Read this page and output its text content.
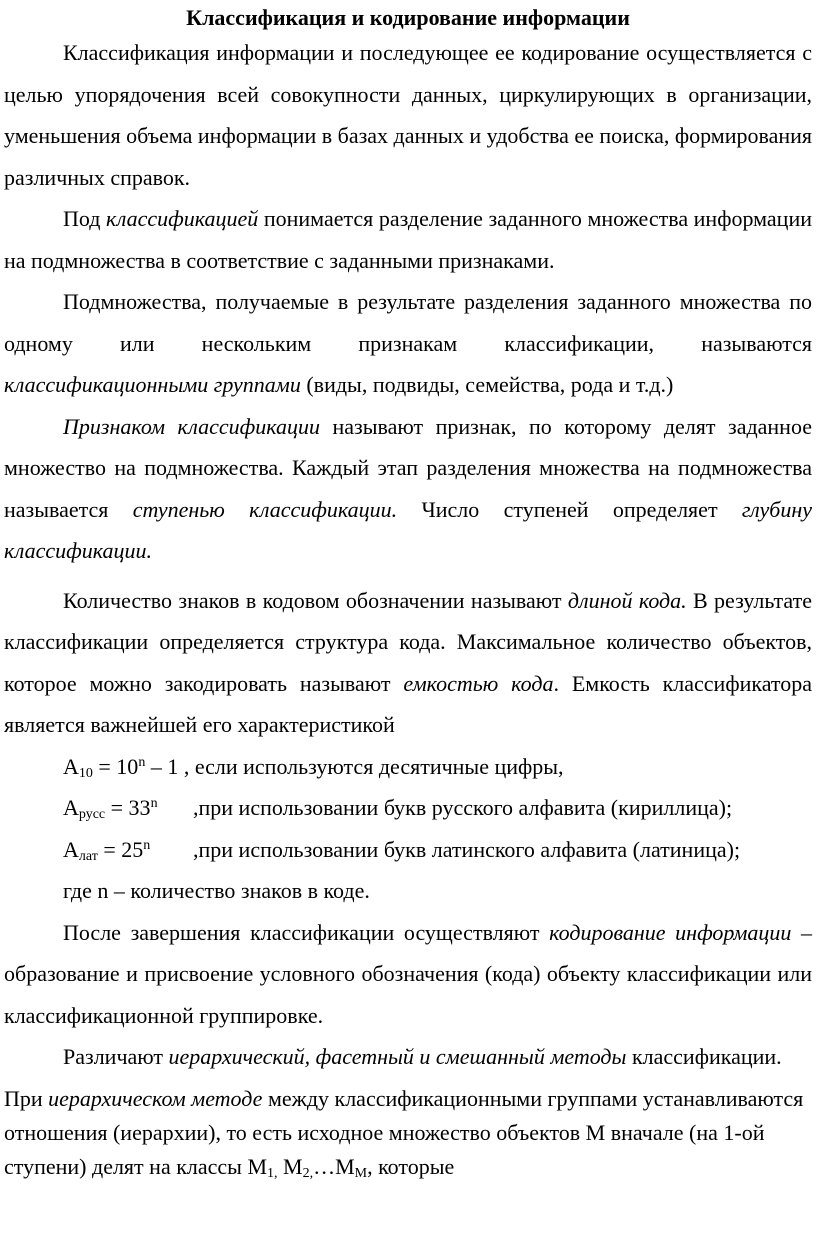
Классификация и кодирование информации

Классификация информации и последующее ее кодирование осуществляется с целью упорядочения всей совокупности данных, циркулирующих в организации, уменьшения объема информации в базах данных и удобства ее поиска, формирования различных справок.

Под классификацией понимается разделение заданного множества информации на подмножества в соответствие с заданными признаками.

Подмножества, получаемые в результате разделения заданного множества по одному или нескольким признакам классификации, называются классификационными группами (виды, подвиды, семейства, рода и т.д.)

Признаком классификации называют признак, по которому делят заданное множество на подмножества. Каждый этап разделения множества на подмножества называется ступенью классификации. Число ступеней определяет глубину классификации.

Количество знаков в кодовом обозначении называют длиной кода. В результате классификации определяется структура кода. Максимальное количество объектов, которое можно закодировать называют емкостью кода. Емкость классификатора является важнейшей его характеристикой

$A_{10} = 10^n - 1$ , если используются десятичные цифры,
$A_{русс} = 33^n$ ,при использовании букв русского алфавита (кириллица);
$A_{лат} = 25^n$ ,при использовании букв латинского алфавита (латиница);
где n – количество знаков в коде.

После завершения классификации осуществляют кодирование информации – образование и присвоение условного обозначения (кода) объекту классификации или классификационной группировке.

Различают иерархический, фасетный и смешанный методы классификации.

При иерархическом методе между классификационными группами устанавливаются отношения (иерархии), то есть исходное множество объектов М вначале (на 1-ой ступени) делят на классы $М_{1,}$ $М_{2,}\dots М_М$, которые
